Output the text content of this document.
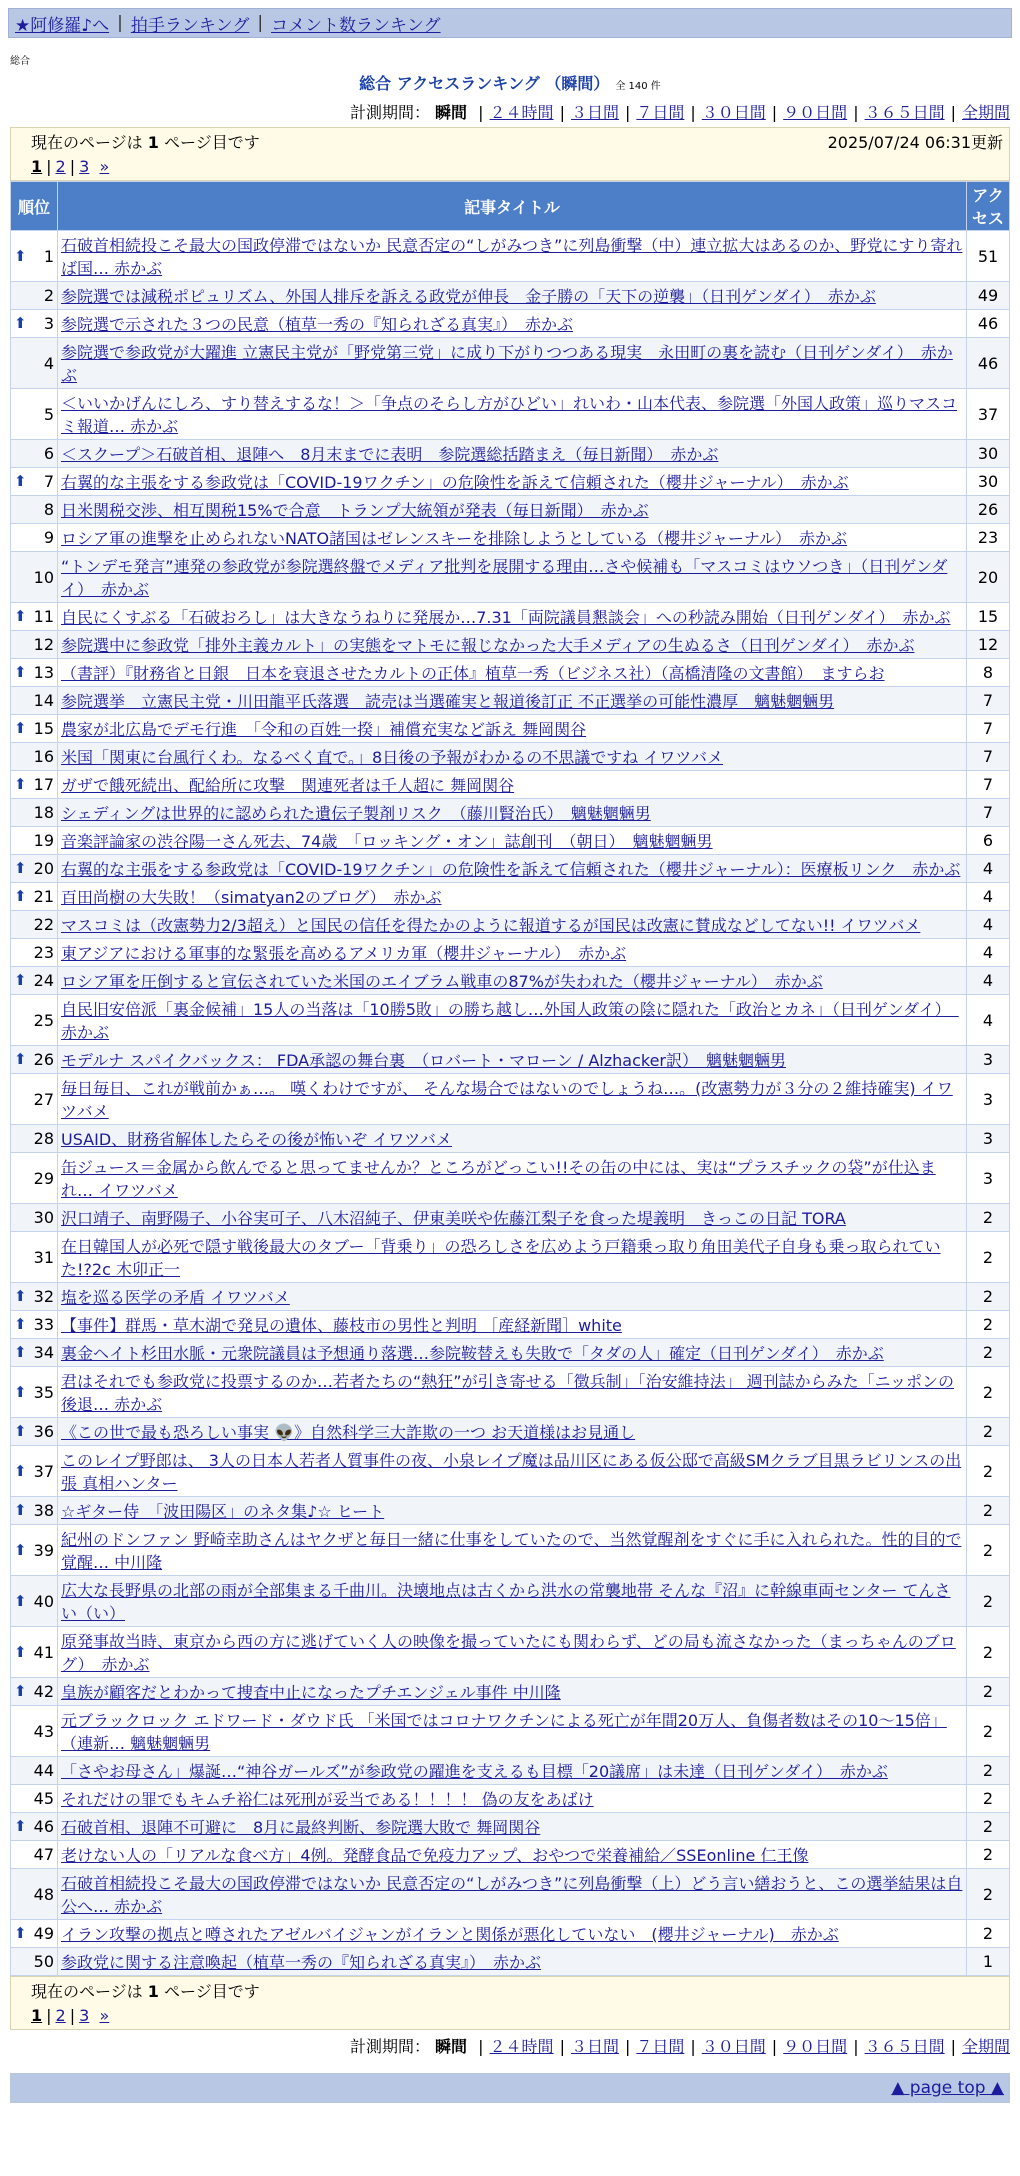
★阿修羅♪へ | 拍手ランキング | コメント数ランキング
総合
総合 アクセスランキング （瞬間） 全 140 件
計測期間： 瞬間 | ２４時間 | ３日間 | ７日間 | ３０日間 | ９０日間 | ３６５日間 | 全期間
現在のページは 1 ページ目です	2025/07/24 06:31更新
1 | 2 | 3 »
順位	記事タイトル	アクセス

⬆ 1	石破首相続投こそ最大の国政停滞ではないか 民意否定の“しがみつき”に列島衝撃（中）連立拡大はあるのか、野党にすり寄れば国… 赤かぶ	51
2	参院選では減税ポピュリズム、外国人排斥を訴える政党が伸長　金子勝の「天下の逆襲」（日刊ゲンダイ）　赤かぶ	49

⬆ 3	参院選で示された３つの民意（植草一秀の『知られざる真実』）　赤かぶ	46
4	参院選で参政党が大躍進 立憲民主党が「野党第三党」に成り下がりつつある現実　永田町の裏を読む（日刊ゲンダイ）　赤かぶ	46
5	＜いいかげんにしろ、すり替えするな！＞「争点のそらし方がひどい」れいわ・山本代表、参院選「外国人政策」巡りマスコミ報道… 赤かぶ	37
6	＜スクープ＞石破首相、退陣へ　8月末までに表明　参院選総括踏まえ（毎日新聞）　赤かぶ	30

⬆ 7	右翼的な主張をする参政党は「COVID-19ワクチン」の危険性を訴えて信頼された（櫻井ジャーナル）　赤かぶ	30
8	日米関税交渉、相互関税15%で合意　トランプ大統領が発表（毎日新聞）　赤かぶ	26
9	ロシア軍の進撃を止められないNATO諸国はゼレンスキーを排除しようとしている（櫻井ジャーナル）　赤かぶ	23
10	“トンデモ発言”連発の参政党が参院選終盤でメディア批判を展開する理由…さや候補も「マスコミはウソつき」（日刊ゲンダイ）　赤かぶ	20

⬆ 11	自民にくすぶる「石破おろし」は大きなうねりに発展か…7.31「両院議員懇談会」への秒読み開始（日刊ゲンダイ）　赤かぶ	15
12	参院選中に参政党「排外主義カルト」の実態をマトモに報じなかった大手メディアの生ぬるさ（日刊ゲンダイ）　赤かぶ	12

⬆ 13	（書評）『財務省と日銀　日本を衰退させたカルトの正体』植草一秀（ビジネス社）（高橋清隆の文書館）　ますらお	8
14	参院選挙　立憲民主党・川田龍平氏落選　読売は当選確実と報道後訂正 不正選挙の可能性濃厚　魑魅魍魎男	7

⬆ 15	農家が北広島でデモ行進　「令和の百姓一揆」補償充実など訴え 舞岡関谷	7
16	米国「関東に台風行くわ。なるべく直で。」8日後の予報がわかるの不思議ですね イワツバメ	7

⬆ 17	ガザで餓死続出、配給所に攻撃　関連死者は千人超に 舞岡関谷	7
18	シェディングは世界的に認められた遺伝子製剤リスク　（藤川賢治氏）　魑魅魍魎男	7
19	音楽評論家の渋谷陽一さん死去、74歳　「ロッキング・オン」誌創刊　（朝日）　魑魅魍魎男	6

⬆ 20	右翼的な主張をする参政党は「COVID-19ワクチン」の危険性を訴えて信頼された（櫻井ジャーナル）：医療板リンク　赤かぶ	4

⬆ 21	百田尚樹の大失敗！（simatyan2のブログ）　赤かぶ	4
22	マスコミは（改憲勢力2/3超え）と国民の信任を得たかのように報道するが国民は改憲に賛成などしてない!! イワツバメ	4
23	東アジアにおける軍事的な緊張を高めるアメリカ軍（櫻井ジャーナル）　赤かぶ	4

⬆ 24	ロシア軍を圧倒すると宣伝されていた米国のエイブラム戦車の87%が失われた（櫻井ジャーナル）　赤かぶ	4
25	自民旧安倍派「裏金候補」15人の当落は「10勝5敗」の勝ち越し…外国人政策の陰に隠れた「政治とカネ」（日刊ゲンダイ）　赤かぶ	4

⬆ 26	モデルナ スパイクバックス： FDA承認の舞台裏　（ロバート・マローン / Alzhacker訳）　魑魅魍魎男	3
27	毎日毎日、これが戦前かぁ…。 嘆くわけですが、 そんな場合ではないのでしょうね…。(改憲勢力が３分の２維持確実) イワツバメ	3
28	USAID、財務省解体したらその後が怖いぞ イワツバメ	3
29	缶ジュース＝金属から飲んでると思ってませんか？ところがどっこい!!その缶の中には、実は“プラスチックの袋”が仕込まれ… イワツバメ	3
30	沢口靖子、南野陽子、小谷実可子、八木沼純子、伊東美咲や佐藤江梨子を食った堤義明　きっこの日記 TORA	2
31	在日韓国人が必死で隠す戦後最大のタブー「背乗り」の恐ろしさを広めよう戸籍乗っ取り角田美代子自身も乗っ取られていた!?2c 木卯正一	2

⬆ 32	塩を巡る医学の矛盾 イワツバメ	2

⬆ 33	【事件】群馬・草木湖で発見の遺体、藤枝市の男性と判明 ［産経新聞］white	2

⬆ 34	裏金ヘイト杉田水脈・元衆院議員は予想通り落選…参院鞍替えも失敗で「タダの人」確定（日刊ゲンダイ）　赤かぶ	2

⬆ 35	君はそれでも参政党に投票するのか…若者たちの“熱狂”が引き寄せる「徴兵制」「治安維持法」 週刊誌からみた「ニッポンの後退… 赤かぶ	2

⬆ 36	《この世で最も恐ろしい事実 👽》自然科学三大詐欺の一つ お天道様はお見通し	2

⬆ 37	このレイプ野郎は、 3人の日本人若者人質事件の夜、小泉レイプ魔は品川区にある仮公邸で高級SMクラブ目黒ラビリンスの出張 真相ハンター	2

⬆ 38	☆ギター侍　「波田陽区」のネタ集♪☆ ヒート	2

⬆ 39	紀州のドンファン 野崎幸助さんはヤクザと毎日一緒に仕事をしていたので、当然覚醒剤をすぐに手に入れられた。性的目的で覚醒… 中川隆	2

⬆ 40	広大な長野県の北部の雨が全部集まる千曲川。決壊地点は古くから洪水の常襲地帯 そんな『沼』に幹線車両センター てんさい（い）	2

⬆ 41	原発事故当時、東京から西の方に逃げていく人の映像を撮っていたにも関わらず、どの局も流さなかった（まっちゃんのブログ）　赤かぶ	2

⬆ 42	皇族が顧客だとわかって捜査中止になったプチエンジェル事件 中川隆	2
43	元ブラックロック エドワード・ダウド氏 「米国ではコロナワクチンによる死亡が年間20万人、負傷者数はその10～15倍」（連新… 魑魅魍魎男	2
44	「さやお母さん」爆誕…“神谷ガールズ”が参政党の躍進を支えるも目標「20議席」は未達（日刊ゲンダイ）　赤かぶ	2
45	それだけの罪でもキムチ裕仁は死刑が妥当である！！！！ 偽の友をあばけ	2

⬆ 46	石破首相、退陣不可避に　8月に最終判断、参院選大敗で 舞岡関谷	2
47	老けない人の「リアルな食べ方」4例。発酵食品で免疫力アップ、おやつで栄養補給／SSEonline 仁王像	2
48	石破首相続投こそ最大の国政停滞ではないか 民意否定の“しがみつき”に列島衝撃（上）どう言い繕おうと、この選挙結果は自公へ… 赤かぶ	2

⬆ 49	イラン攻撃の拠点と噂されたアゼルバイジャンがイランと関係が悪化していない　(櫻井ジャーナル)　赤かぶ	2
50	参政党に関する注意喚起（植草一秀の『知られざる真実』）　赤かぶ	1
現在のページは 1 ページ目です
1 | 2 | 3 »
計測期間： 瞬間 | ２４時間 | ３日間 | ７日間 | ３０日間 | ９０日間 | ３６５日間 | 全期間
▲ page top ▲
